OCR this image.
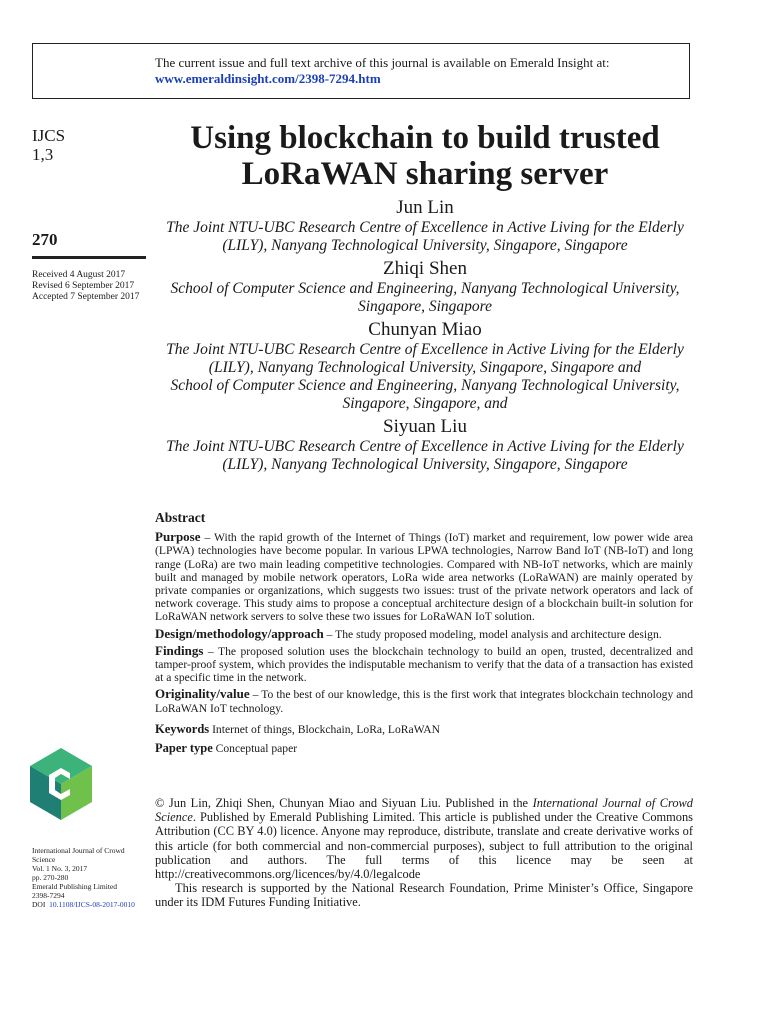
The current issue and full text archive of this journal is available on Emerald Insight at:
www.emeraldinsight.com/2398-7294.htm
IJCS
1,3
270
Received 4 August 2017
Revised 6 September 2017
Accepted 7 September 2017
Using blockchain to build trusted
LoRaWAN sharing server
Jun Lin
The Joint NTU-UBC Research Centre of Excellence in Active Living for the Elderly
(LILY), Nanyang Technological University, Singapore, Singapore
Zhiqi Shen
School of Computer Science and Engineering, Nanyang Technological University,
Singapore, Singapore
Chunyan Miao
The Joint NTU-UBC Research Centre of Excellence in Active Living for the Elderly
(LILY), Nanyang Technological University, Singapore, Singapore and
School of Computer Science and Engineering, Nanyang Technological University,
Singapore, Singapore, and
Siyuan Liu
The Joint NTU-UBC Research Centre of Excellence in Active Living for the Elderly
(LILY), Nanyang Technological University, Singapore, Singapore
Abstract

Purpose – With the rapid growth of the Internet of Things (IoT) market and requirement, low power wide area (LPWA) technologies have become popular. In various LPWA technologies, Narrow Band IoT (NB-IoT) and long range (LoRa) are two main leading competitive technologies. Compared with NB-IoT networks, which are mainly built and managed by mobile network operators, LoRa wide area networks (LoRaWAN) are mainly operated by private companies or organizations, which suggests two issues: trust of the private network operators and lack of network coverage. This study aims to propose a conceptual architecture design of a blockchain built-in solution for LoRaWAN network servers to solve these two issues for LoRaWAN IoT solution.

Design/methodology/approach – The study proposed modeling, model analysis and architecture design.

Findings – The proposed solution uses the blockchain technology to build an open, trusted, decentralized and tamper-proof system, which provides the indisputable mechanism to verify that the data of a transaction has existed at a specific time in the network.

Originality/value – To the best of our knowledge, this is the first work that integrates blockchain technology and LoRaWAN IoT technology.

Keywords Internet of things, Blockchain, LoRa, LoRaWAN

Paper type Conceptual paper

International Journal of Crowd
Science
Vol. 1 No. 3, 2017
pp. 270-280
Emerald Publishing Limited
2398-7294
DOI 10.1108/IJCS-08-2017-0010

© Jun Lin, Zhiqi Shen, Chunyan Miao and Siyuan Liu. Published in the International Journal of Crowd Science. Published by Emerald Publishing Limited. This article is published under the Creative Commons Attribution (CC BY 4.0) licence. Anyone may reproduce, distribute, translate and create derivative works of this article (for both commercial and non-commercial purposes), subject to full attribution to the original publication and authors. The full terms of this licence may be seen at http://creativecommons.org/licences/by/4.0/legalcode

This research is supported by the National Research Foundation, Prime Minister’s Office, Singapore under its IDM Futures Funding Initiative.
